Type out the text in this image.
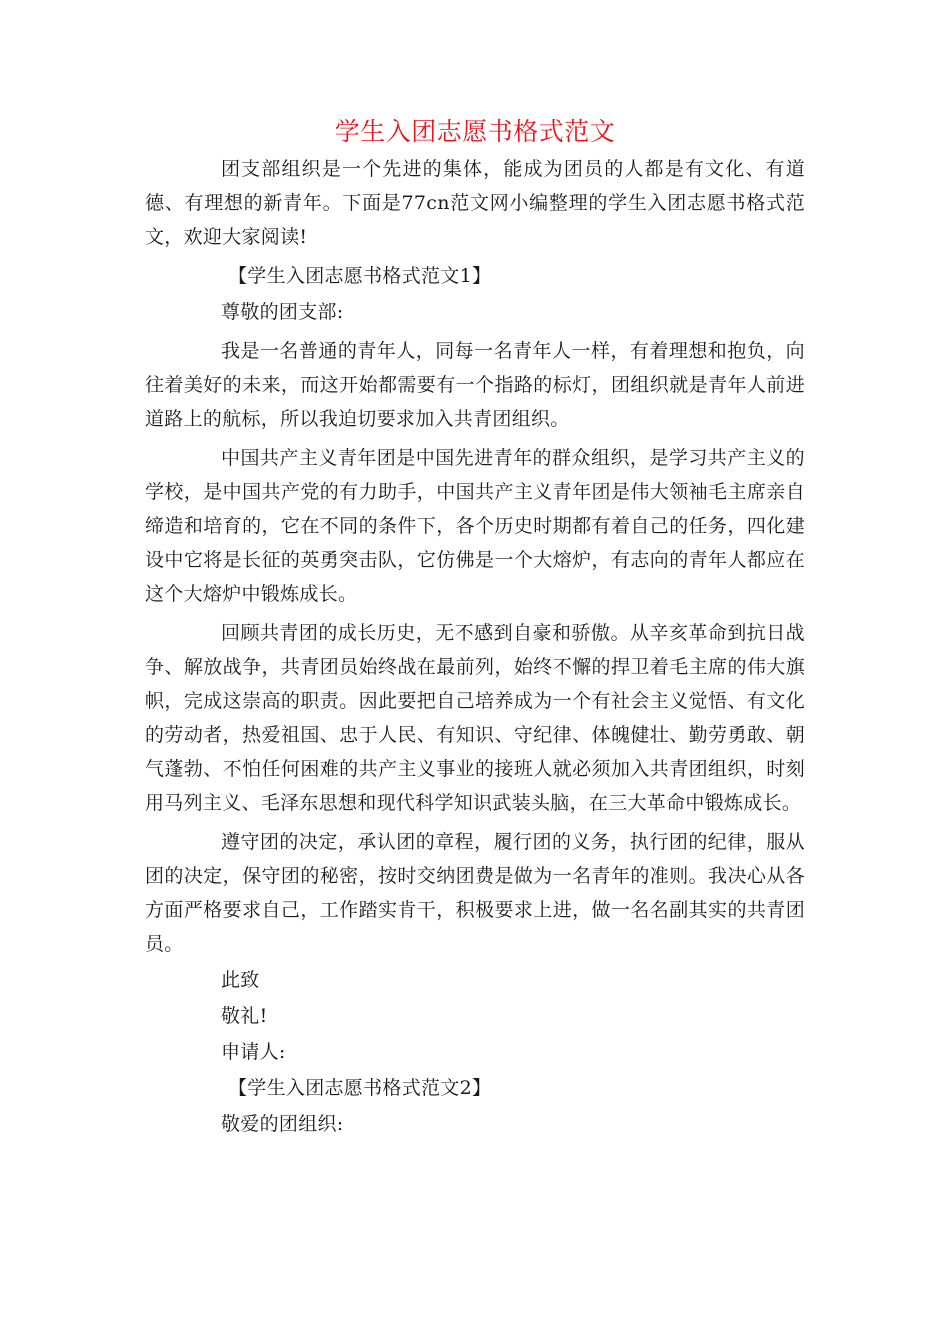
学生入团志愿书格式范文

团支部组织是一个先进的集体，能成为团员的人都是有文化、有道德、有理想的新青年。下面是77cn范文网小编整理的学生入团志愿书格式范文，欢迎大家阅读!

【学生入团志愿书格式范文1】

尊敬的团支部:

我是一名普通的青年人，同每一名青年人一样，有着理想和抱负，向往着美好的未来，而这开始都需要有一个指路的标灯，团组织就是青年人前进道路上的航标，所以我迫切要求加入共青团组织。

中国共产主义青年团是中国先进青年的群众组织，是学习共产主义的学校，是中国共产党的有力助手，中国共产主义青年团是伟大领袖毛主席亲自缔造和培育的，它在不同的条件下，各个历史时期都有着自己的任务，四化建设中它将是长征的英勇突击队，它仿佛是一个大熔炉，有志向的青年人都应在这个大熔炉中锻炼成长。

回顾共青团的成长历史，无不感到自豪和骄傲。从辛亥革命到抗日战争、解放战争，共青团员始终战在最前列，始终不懈的捍卫着毛主席的伟大旗帜，完成这崇高的职责。因此要把自己培养成为一个有社会主义觉悟、有文化的劳动者，热爱祖国、忠于人民、有知识、守纪律、体魄健壮、勤劳勇敢、朝气蓬勃、不怕任何困难的共产主义事业的接班人就必须加入共青团组织，时刻用马列主义、毛泽东思想和现代科学知识武装头脑，在三大革命中锻炼成长。

遵守团的决定，承认团的章程，履行团的义务，执行团的纪律，服从团的决定，保守团的秘密，按时交纳团费是做为一名青年的准则。我决心从各方面严格要求自己，工作踏实肯干，积极要求上进，做一名名副其实的共青团员。

此致

敬礼!

申请人:

【学生入团志愿书格式范文2】

敬爱的团组织:
